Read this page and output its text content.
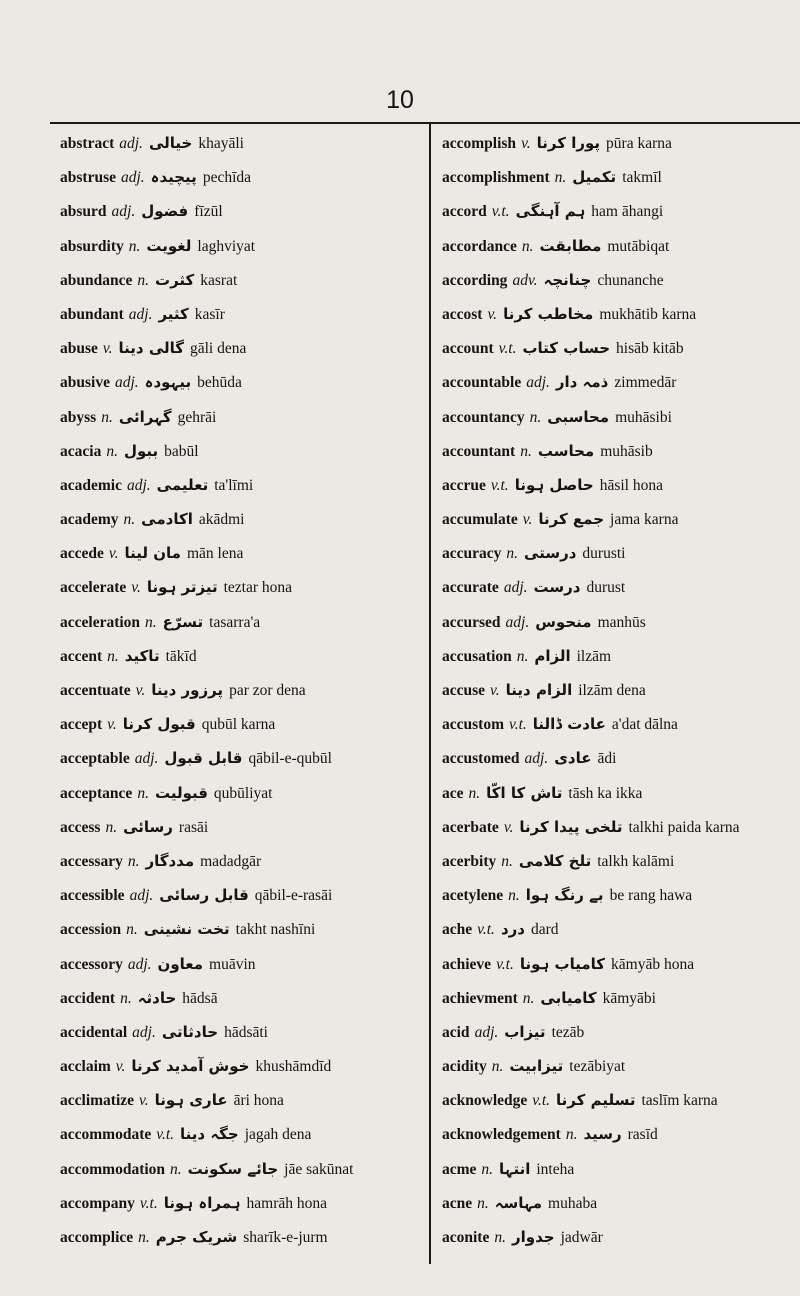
10
abstract adj. خیالی khayāli
abstruse adj. پیچیدہ pechīda
absurd adj. فضول fīzūl
absurdity n. لغویت laghviyat
abundance n. کثرت kasrat
abundant adj. کثیر kasīr
abuse v. گالی دینا gāli dena
abusive adj. بیہودہ behūda
abyss n. گہرائی gehrāi
acacia n. ببول babūl
academic adj. تعلیمی ta'līmi
academy n. اکادمی akādmi
accede v. مان لینا mān lena
accelerate v. تیزتر ہونا teztar hona
acceleration n. تسرّع tasarra'a
accent n. تاکید tākīd
accentuate v. پرزور دینا par zor dena
accept v. قبول کرنا qubūl karna
acceptable adj. قابل قبول qābil-e-qubūl
acceptance n. قبولیت qubūliyat
access n. رسائی rasāi
accessary n. مددگار madadgār
accessible adj. قابل رسائی qābil-e-rasāi
accession n. تخت نشینی takht nashīni
accessory adj. معاون muāvin
accident n. حادثہ hādsā
accidental adj. حادثاتی hādsāti
acclaim v. خوش آمدید کرنا khushāmdīd
acclimatize v. عاری ہونا āri hona
accommodate v.t. جگہ دینا jagah dena
accommodation n. جائے سکونت jāe sakūnat
accompany v.t. ہمراہ ہونا hamrāh hona
accomplice n. شریک جرم sharīk-e-jurm
accomplish v. پورا کرنا pūra karna
accomplishment n. تکمیل takmīl
accord v.t. ہم آہنگی ham āhangi
accordance n. مطابقت mutābiqat
according adv. چنانچہ chunanche
accost v. مخاطب کرنا mukhātib karna
account v.t. حساب کتاب hisāb kitāb
accountable adj. ذمہ دار zimmedār
accountancy n. محاسبی muhāsibi
accountant n. محاسب muhāsib
accrue v.t. حاصل ہونا hāsil hona
accumulate v. جمع کرنا jama karna
accuracy n. درستی durusti
accurate adj. درست durust
accursed adj. منحوس manhūs
accusation n. الزام ilzām
accuse v. الزام دینا ilzām dena
accustom v.t. عادت ڈالنا a'dat dālna
accustomed adj. عادی ādi
ace n. تاش کا اکّا tāsh ka ikka
acerbate v. تلخی پیدا کرنا talkhi paida karna
acerbity n. تلخ کلامی talkh kalāmi
acetylene n. بے رنگ ہوا be rang hawa
ache v.t. درد dard
achieve v.t. کامیاب ہونا kāmyāb hona
achievment n. کامیابی kāmyābi
acid adj. تیزاب tezāb
acidity n. تیزابیت tezābiyat
acknowledge v.t. تسلیم کرنا taslīm karna
acknowledgement n. رسید rasīd
acme n. انتہا inteha
acne n. مہاسہ muhaba
aconite n. جدوار jadwār
